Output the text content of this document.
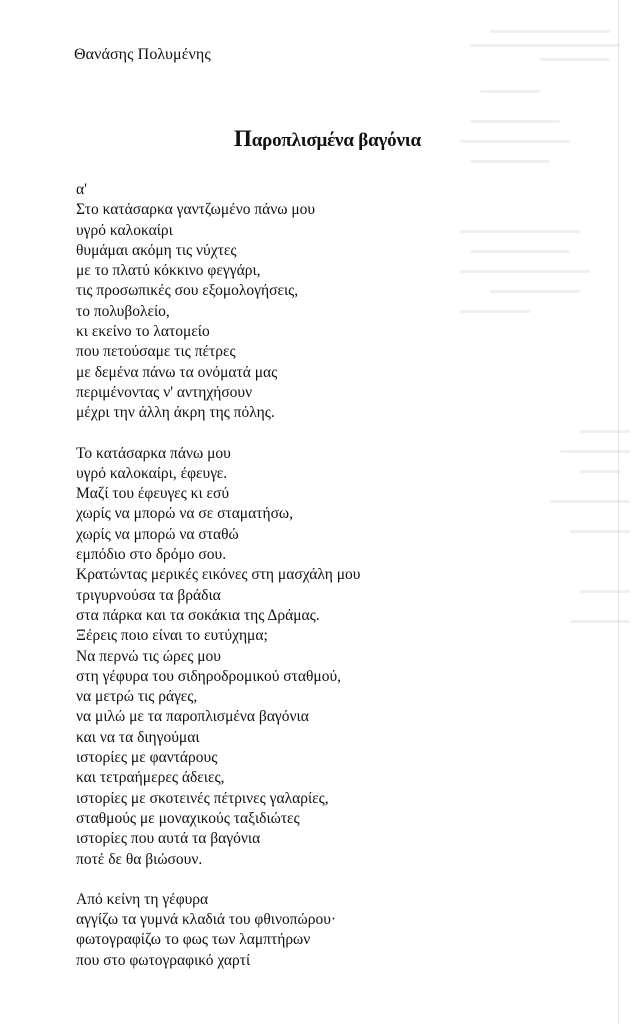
Θανάσης Πολυμένης
Παροπλισμένα βαγόνια
α'
Στο κατάσαρκα γαντζωμένο πάνω μου
υγρό καλοκαίρι
θυμάμαι ακόμη τις νύχτες
με το πλατύ κόκκινο φεγγάρι,
τις προσωπικές σου εξομολογήσεις,
το πολυβολείο,
κι εκείνο το λατομείο
που πετούσαμε τις πέτρες
με δεμένα πάνω τα ονόματά μας
περιμένοντας ν' αντηχήσουν
μέχρι την άλλη άκρη της πόλης.
Το κατάσαρκα πάνω μου
υγρό καλοκαίρι, έφευγε.
Μαζί του έφευγες κι εσύ
χωρίς να μπορώ να σε σταματήσω,
χωρίς να μπορώ να σταθώ
εμπόδιο στο δρόμο σου.
Κρατώντας μερικές εικόνες στη μασχάλη μου
τριγυρνούσα τα βράδια
στα πάρκα και τα σοκάκια της Δράμας.
Ξέρεις ποιο είναι το ευτύχημα;
Να περνώ τις ώρες μου
στη γέφυρα του σιδηροδρομικού σταθμού,
να μετρώ τις ράγες,
να μιλώ με τα παροπλισμένα βαγόνια
και να τα διηγούμαι
ιστορίες με φαντάρους
και τετραήμερες άδειες,
ιστορίες με σκοτεινές πέτρινες γαλαρίες,
σταθμούς με μοναχικούς ταξιδιώτες
ιστορίες που αυτά τα βαγόνια
ποτέ δε θα βιώσουν.
Από κείνη τη γέφυρα
αγγίζω τα γυμνά κλαδιά του φθινοπώρου·
φωτογραφίζω το φως των λαμπτήρων
που στο φωτογραφικό χαρτί
